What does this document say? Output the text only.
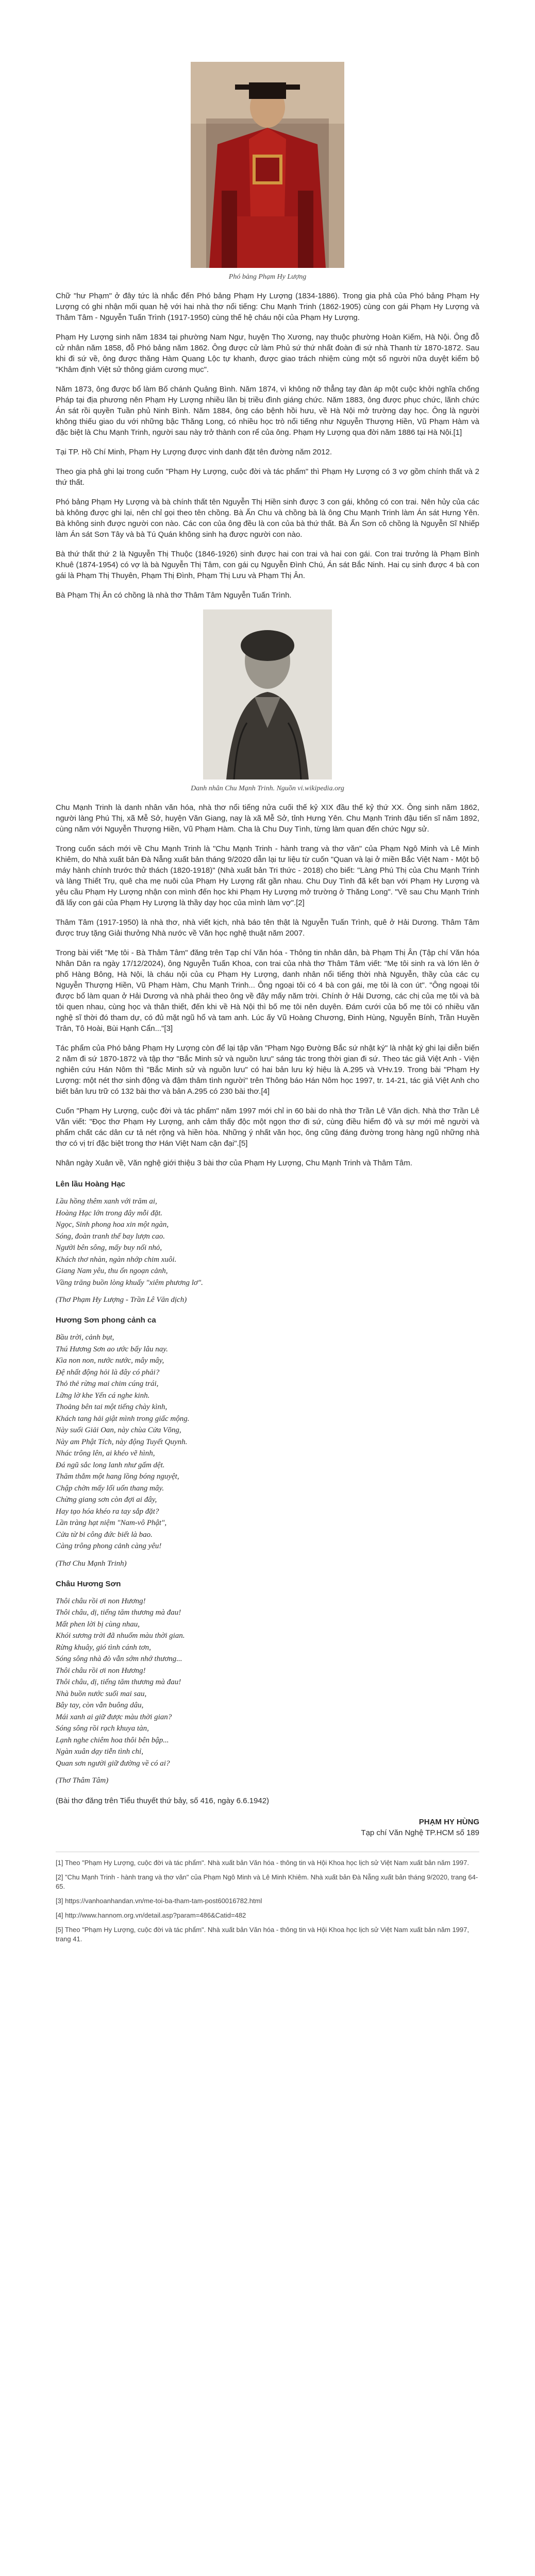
Phó bảng Phạm Hy Lượng

Chữ "hư Phạm" ở đây tức là nhắc đến Phó bảng Phạm Hy Lượng (1834-1886). Trong gia phả của Phó bảng Phạm Hy Lượng có ghi nhận mối quan hệ với hai nhà thơ nổi tiếng: Chu Mạnh Trinh (1862-1905) cùng con gái Phạm Hy Lượng và Thâm Tâm - Nguyễn Tuấn Trình (1917-1950) cùng thế hệ cháu nội của Phạm Hy Lượng.

Phạm Hy Lượng sinh năm 1834 tại phường Nam Ngư, huyện Thọ Xương, nay thuộc phường Hoàn Kiếm, Hà Nội. Ông đỗ cử nhân năm 1858, đỗ Phó bảng năm 1862. Ông được cử làm Phủ sứ thứ nhất đoàn đi sứ nhà Thanh từ 1870-1872. Sau khi đi sứ về, ông được thăng Hàm Quang Lộc tự khanh, được giao trách nhiệm cùng một số người nữa duyệt kiểm bộ "Khâm định Việt sử thông giám cương mục".

Năm 1873, ông được bổ làm Bố chánh Quảng Bình. Năm 1874, vì không nỡ thẳng tay đàn áp một cuộc khởi nghĩa chống Pháp tại địa phương nên Phạm Hy Lượng nhiều lần bị triều đình giáng chức. Năm 1883, ông được phục chức, lãnh chức Án sát rồi quyền Tuần phủ Ninh Bình. Năm 1884, ông cáo bệnh hồi hưu, về Hà Nội mở trường dạy học. Ông là người không thiếu giao du với những bậc Thăng Long, có nhiều học trò nổi tiếng như Nguyễn Thượng Hiền, Vũ Phạm Hàm và đặc biệt là Chu Mạnh Trinh, người sau này trở thành con rể của ông. Phạm Hy Lượng qua đời năm 1886 tại Hà Nội.[1]

Tại TP. Hồ Chí Minh, Phạm Hy Lượng được vinh danh đặt tên đường năm 2012.

Theo gia phả ghi lại trong cuốn "Phạm Hy Lượng, cuộc đời và tác phẩm" thì Phạm Hy Lượng có 3 vợ gồm chính thất và 2 thứ thất.

Phó bảng Phạm Hy Lượng và bà chính thất tên Nguyễn Thị Hiền sinh được 3 con gái, không có con trai. Nên hủy của các bà không được ghi lại, nên chỉ gọi theo tên chồng. Bà Ấn Chu và chồng bà là ông Chu Mạnh Trinh làm Án sát Hưng Yên. Bà không sinh được người con nào. Các con của ông đều là con của bà thứ thất. Bà Ấn Sơn cô chồng là Nguyễn Sĩ Nhiếp làm Án sát Sơn Tây và bà Tú Quán không sinh hạ được người con nào.

Bà thứ thất thứ 2 là Nguyễn Thị Thuộc (1846-1926) sinh được hai con trai và hai con gái. Con trai trưởng là Phạm Bình Khuê (1874-1954) có vợ là bà Nguyễn Thị Tâm, con gái cụ Nguyễn Đình Chú, Án sát Bắc Ninh. Hai cụ sinh được 4 bà con gái là Phạm Thị Thuyên, Phạm Thị Đình, Phạm Thị Lưu và Phạm Thị Ân.

Bà Phạm Thị Ân có chồng là nhà thơ Thâm Tâm Nguyễn Tuấn Trình.

Danh nhân Chu Mạnh Trinh. Nguồn vi.wikipedia.org

Chu Mạnh Trinh là danh nhân văn hóa, nhà thơ nổi tiếng nửa cuối thế kỷ XIX đầu thế kỷ thứ XX. Ông sinh năm 1862, người làng Phú Thị, xã Mễ Sở, huyện Văn Giang, nay là xã Mễ Sở, tỉnh Hưng Yên. Chu Mạnh Trinh đậu tiến sĩ năm 1892, cùng năm với Nguyễn Thượng Hiền, Vũ Phạm Hàm. Cha là Chu Duy Tình, từng làm quan đến chức Ngự sử.

Trong cuốn sách mới về Chu Mạnh Trinh là "Chu Mạnh Trinh - hành trang và thơ văn" của Phạm Ngô Minh và Lê Minh Khiêm, do Nhà xuất bản Đà Nẵng xuất bản tháng 9/2020 dẫn lại tư liệu từ cuốn "Quan và lại ở miền Bắc Việt Nam - Một bộ máy hành chính trước thử thách (1820-1918)" (Nhà xuất bản Tri thức - 2018) cho biết: "Làng Phú Thị của Chu Mạnh Trinh và làng Thiết Trụ, quê cha mẹ nuôi của Phạm Hy Lượng rất gần nhau. Chu Duy Tình đã kết bạn với Phạm Hy Lượng và yêu cầu Phạm Hy Lượng nhận con mình đến học khi Phạm Hy Lượng mở trường ở Thăng Long". "Về sau Chu Mạnh Trinh đã lấy con gái của Phạm Hy Lượng là thầy dạy học của mình làm vợ".[2]

Thâm Tâm (1917-1950) là nhà thơ, nhà viết kịch, nhà báo tên thật là Nguyễn Tuấn Trình, quê ở Hải Dương. Thâm Tâm được truy tặng Giải thưởng Nhà nước về Văn học nghệ thuật năm 2007.

Trong bài viết "Mẹ tôi - Bà Thâm Tâm" đăng trên Tạp chí Văn hóa - Thông tin nhân dân, bà Phạm Thị Ân (Tập chí Văn hóa Nhân Dân ra ngày 17/12/2024), ông Nguyễn Tuấn Khoa, con trai của nhà thơ Thâm Tâm viết: "Mẹ tôi sinh ra và lớn lên ở phố Hàng Bông, Hà Nội, là cháu nội của cụ Phạm Hy Lượng, danh nhân nổi tiếng thời nhà Nguyễn, thầy của các cụ Nguyễn Thượng Hiền, Vũ Phạm Hàm, Chu Mạnh Trinh... Ông ngoại tôi có 4 bà con gái, mẹ tôi là con út". "Ông ngoại tôi được bổ làm quan ở Hải Dương và nhà phải theo ông về đây mấy năm trời. Chính ở Hải Dương, các chị của mẹ tôi và bà tôi quen nhau, cùng học và thân thiết, đến khi về Hà Nội thì bố mẹ tôi nên duyên. Đám cưới của bố mẹ tôi có nhiều văn nghệ sĩ thời đó tham dự, có đủ mặt ngũ hổ và tam anh. Lúc ấy Vũ Hoàng Chương, Đinh Hùng, Nguyễn Bính, Trần Huyền Trân, Tô Hoài, Bùi Hạnh Cẩn..."[3]

Tác phẩm của Phó bảng Phạm Hy Lượng còn để lại tập văn "Phạm Ngọ Đường Bắc sứ nhật ký" là nhật ký ghi lại diễn biến 2 năm đi sứ 1870-1872 và tập thơ "Bắc Minh sử và nguồn lưu" sáng tác trong thời gian đi sứ. Theo tác giả Việt Anh - Viện nghiên cứu Hán Nôm thì "Bắc Minh sử và nguồn lưu" có hai bản lưu ký hiệu là A.295 và VHv.19. Trong bài "Phạm Hy Lượng: một nét thơ sinh động và đậm thâm tình người" trên Thông báo Hán Nôm học 1997, tr. 14-21, tác giả Việt Anh cho biết bản lưu trữ có 132 bài thơ và bản A.295 có 230 bài thơ.[4]

Cuốn "Phạm Hy Lượng, cuộc đời và tác phẩm" năm 1997 mới chỉ in 60 bài do nhà thơ Trần Lê Văn dịch. Nhà thơ Trần Lê Văn viết: "Đọc thơ Phạm Hy Lượng, anh cảm thấy độc một ngọn thơ đi sứ, cùng điều hiểm độ và sự mới mẻ người và phẩm chất các dân cư tả nét rộng và hiền hòa. Những ý nhất văn học, ông cũng đáng đường trong hàng ngũ những nhà thơ có vị trí đặc biệt trong thơ Hán Việt Nam cận đại".[5]

Nhân ngày Xuân về, Văn nghệ giới thiệu 3 bài thơ của Phạm Hy Lượng, Chu Mạnh Trinh và Thâm Tâm.

Lên lầu Hoàng Hạc
Lầu hồng thêm xanh với trăm ai,
Hoàng Hạc lớn trong đây mỗi đặt.
Ngọc, Sinh phong hoa xin một ngàn,
Sóng, đoàn tranh thế bay lượn cao.
Người bên sông, mấy buy nối nhỏ,
Khách thơ nhàn, ngàn nhớp chim xuôi.
Giang Nam yêu, thu ổn ngoạn cảnh,
Vầng trăng buồn lòng khuấy "xiêm phương lơ".
(Thơ Phạm Hy Lượng - Trần Lê Văn dịch)
Hương Sơn phong cảnh ca
Bầu trời, cảnh bụt,
Thú Hương Sơn ao ước bấy lâu nay.
Kìa non non, nước nước, mây mây,
Đệ nhất động hỏi là đây có phải?
Thỏ thẻ rừng mai chim cúng trái,
Lững lờ khe Yến cá nghe kinh.
Thoảng bên tai một tiếng chày kình,
Khách tang hải giật mình trong giấc mộng.
Này suối Giải Oan, này chùa Cửa Võng,
Này am Phật Tích, này động Tuyết Quynh.
Nhác trông lên, ai khéo vẽ hình,
Đá ngũ sắc long lanh như gấm dệt.
Thăm thẳm một hang lồng bóng nguyệt,
Chập chờn mấy lối uốn thang mây.
Chừng giang sơn còn đợi ai đây,
Hay tạo hóa khéo ra tay sắp đặt?
Lần tràng hạt niệm "Nam-vô Phật",
Cửa từ bi công đức biết là bao.
Càng trông phong cảnh càng yêu!
(Thơ Chu Mạnh Trinh)
Châu Hương Sơn
Thôi châu rồi ơi non Hương!
Thôi châu, dị, tiếng tăm thương mà đau!
Mất phen lời bị cùng nhau,
Khói sương trời đã nhuốm màu thời gian.
Rừng khuây, gió tình cánh tơn,
Sóng sông nhà đò vẫn sớm nhớ thương...
Thôi châu rồi ơi non Hương!
Thôi châu, dị, tiếng tăm thương mà đau!
Nhà buồn nước suối mai sau,
Bây tay, còn vẫn buông dâu,
Mái xanh ai giữ được màu thời gian?
Sóng sông rồi rạch khuya tàn,
Lạnh nghe chiêm hoa thôi bên bập...
Ngàn xuân dạy tiễn tình chỉ,
Quan sơn người giữ đường về có ai?
(Thơ Thâm Tâm)

(Bài thơ đăng trên Tiểu thuyết thứ bảy, số 416, ngày 6.6.1942)

PHẠM HY HÙNG
Tạp chí Văn Nghệ TP.HCM số 189
[1] Theo "Phạm Hy Lượng, cuộc đời và tác phẩm". Nhà xuất bản Văn hóa - thông tin và Hội Khoa học lịch sử Việt Nam xuất bản năm 1997.
[2] "Chu Mạnh Trinh - hành trang và thơ văn" của Phạm Ngô Minh và Lê Minh Khiêm. Nhà xuất bản Đà Nẵng xuất bản tháng 9/2020, trang 64-65.
[3] https://vanhoanhandan.vn/me-toi-ba-tham-tam-post60016782.html
[4] http://www.hannom.org.vn/detail.asp?param=486&Catid=482
[5] Theo "Phạm Hy Lượng, cuộc đời và tác phẩm". Nhà xuất bản Văn hóa - thông tin và Hội Khoa học lịch sử Việt Nam xuất bản năm 1997, trang 41.
